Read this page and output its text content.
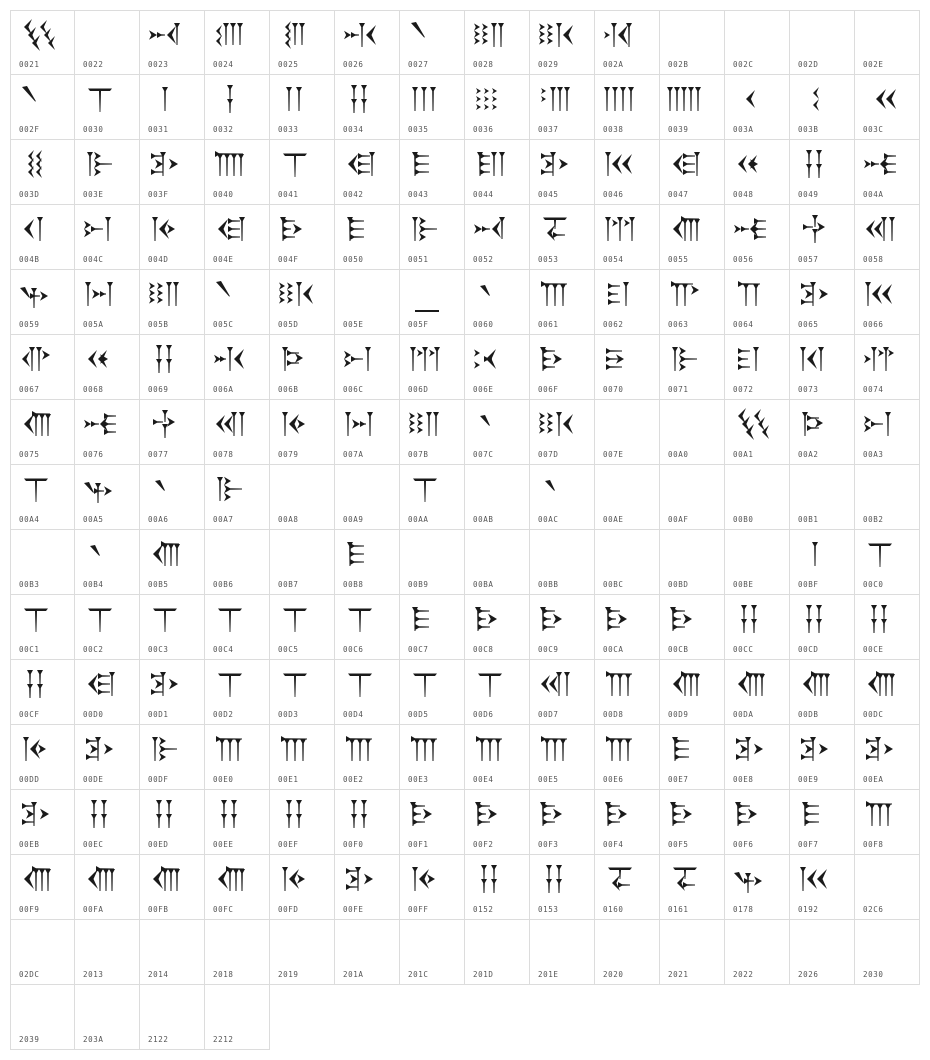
0021	0022	0023	0024	0025	0026	0027	0028	0029	002A	002B	002C	002D	002E
002F	0030	0031	0032	0033	0034	0035	0036	0037	0038	0039	003A	003B	003C
003D	003E	003F	0040	0041	0042	0043	0044	0045	0046	0047	0048	0049	004A
004B	004C	004D	004E	004F	0050	0051	0052	0053	0054	0055	0056	0057	0058
0059	005A	005B	005C	005D	005E	005F	0060	0061	0062	0063	0064	0065	0066
0067	0068	0069	006A	006B	006C	006D	006E	006F	0070	0071	0072	0073	0074
0075	0076	0077	0078	0079	007A	007B	007C	007D	007E	00A0	00A1	00A2	00A3
00A4	00A5	00A6	00A7	00A8	00A9	00AA	00AB	00AC	00AE	00AF	00B0	00B1	00B2
00B3	00B4	00B5	00B6	00B7	00B8	00B9	00BA	00BB	00BC	00BD	00BE	00BF	00C0
00C1	00C2	00C3	00C4	00C5	00C6	00C7	00C8	00C9	00CA	00CB	00CC	00CD	00CE
00CF	00D0	00D1	00D2	00D3	00D4	00D5	00D6	00D7	00D8	00D9	00DA	00DB	00DC
00DD	00DE	00DF	00E0	00E1	00E2	00E3	00E4	00E5	00E6	00E7	00E8	00E9	00EA
00EB	00EC	00ED	00EE	00EF	00F0	00F1	00F2	00F3	00F4	00F5	00F6	00F7	00F8
00F9	00FA	00FB	00FC	00FD	00FE	00FF	0152	0153	0160	0161	0178	0192	02C6
02DC	2013	2014	2018	2019	201A	201C	201D	201E	2020	2021	2022	2026	2030
2039	203A	2122	2212
